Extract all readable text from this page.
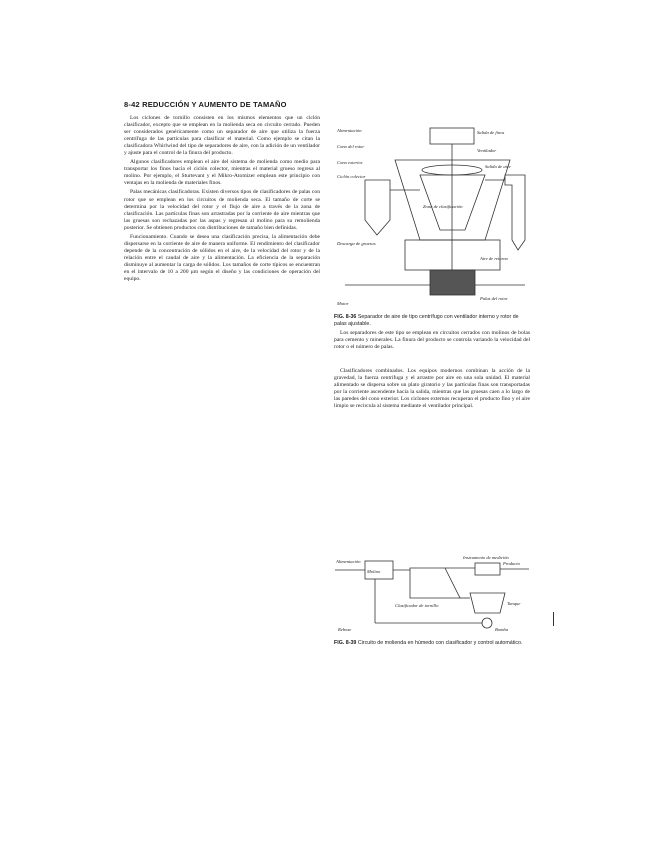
8-42 REDUCCIÓN Y AUMENTO DE TAMAÑO

Los ciclones de tornillo consisten en los mismos elementos que un ciclón clasificador, excepto que se emplean en la molienda seca en circuito cerrado. Pueden ser considerados genéricamente como un separador de aire que utiliza la fuerza centrífuga de las partículas para clasificar el material. Como ejemplo se citan la clasificadora Whirlwind del tipo de separadores de aire, con la adición de un ventilador y ajuste para el control de la finura del producto.

Algunos clasificadores emplean el aire del sistema de molienda como medio para transportar los finos hacia el ciclón colector, mientras el material grueso regresa al molino. Por ejemplo, el Sturtevant y el Mikro-Atomizer emplean este principio con ventajas en la molienda de materiales finos.

Palas mecánicas clasificadoras. Existen diversos tipos de clasificadores de palas con rotor que se emplean en los circuitos de molienda seca. El tamaño de corte se determina por la velocidad del rotor y el flujo de aire a través de la zona de clasificación. Las partículas finas son arrastradas por la corriente de aire mientras que las gruesas son rechazadas por las aspas y regresan al molino para su remolienda posterior. Se obtienen productos con distribuciones de tamaño bien definidas.

Funcionamiento. Cuando se desea una clasificación precisa, la alimentación debe dispersarse en la corriente de aire de manera uniforme. El rendimiento del clasificador depende de la concentración de sólidos en el aire, de la velocidad del rotor y de la relación entre el caudal de aire y la alimentación. La eficiencia de la separación disminuye al aumentar la carga de sólidos. Los tamaños de corte típicos se encuentran en el intervalo de 10 a 200 μm según el diseño y las condiciones de operación del equipo.

Alimentación	Salida de finos
Cono del rotor
Ventilador
Cono exterior
Descarga de gruesos
Motor
Aire de retorno
Zona de clasificación
Palas del rotor
Ciclón colector
Salida de aire
FIG. 8-36 Separador de aire de tipo centrífugo con ventilador interno y rotor de palas ajustable.

Los separadores de este tipo se emplean en circuitos cerrados con molinos de bolas para cemento y minerales. La finura del producto se controla variando la velocidad del rotor o el número de palas.

Clasificadores combinados. Los equipos modernos combinan la acción de la gravedad, la fuerza centrífuga y el arrastre por aire en una sola unidad. El material alimentado se dispersa sobre un plato giratorio y las partículas finas son transportadas por la corriente ascendente hacia la salida, mientras que las gruesas caen a lo largo de las paredes del cono exterior. Los ciclones externos recuperan el producto fino y el aire limpio se recircula al sistema mediante el ventilador principal.

Alimentación
Molino
Clasificador de tornillo
Instrumento de medición
Producto
Bomba
Tanque
Rebose
FIG. 8-39 Circuito de molienda en húmedo con clasificador y control automático.
